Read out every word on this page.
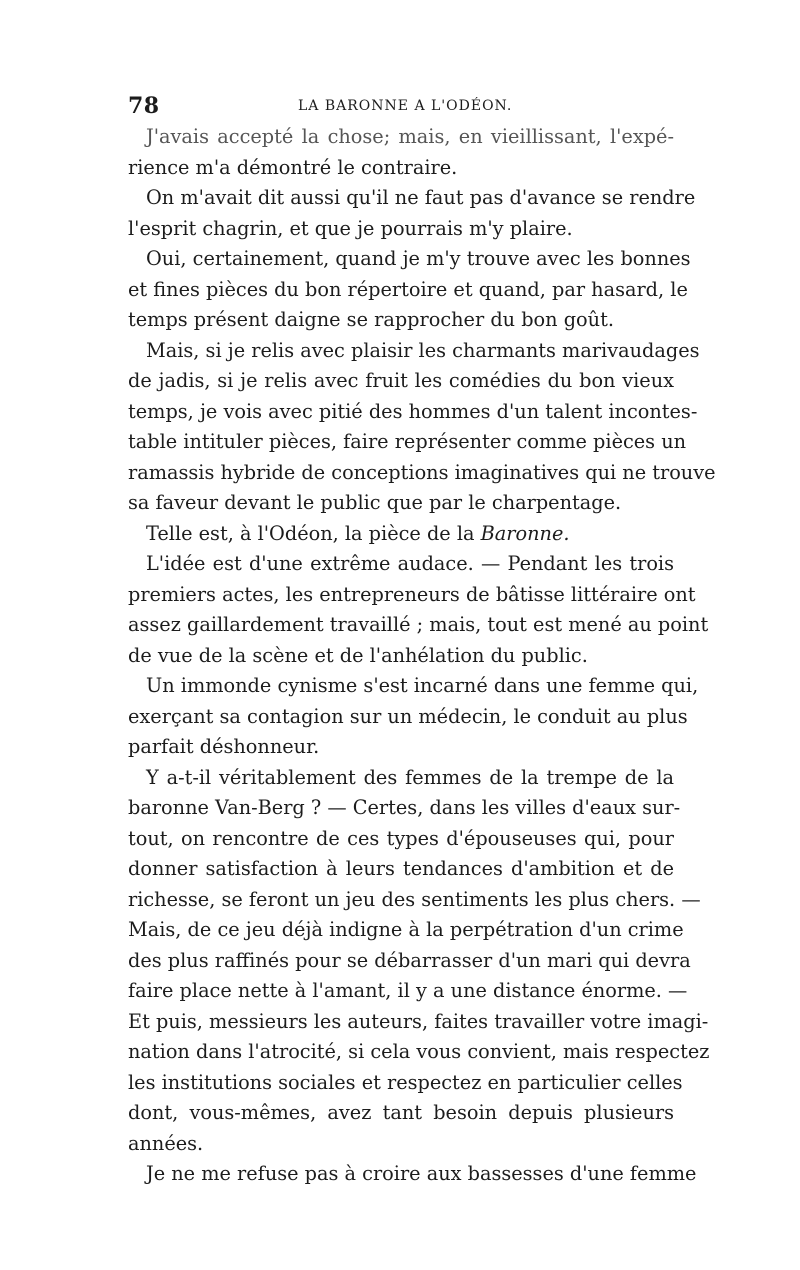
78	LA BARONNE A L'ODÉON.
J'avais accepté la chose; mais, en vieillissant, l'expé-
rience m'a démontré le contraire.
On m'avait dit aussi qu'il ne faut pas d'avance se rendre
l'esprit chagrin, et que je pourrais m'y plaire.
Oui, certainement, quand je m'y trouve avec les bonnes
et fines pièces du bon répertoire et quand, par hasard, le
temps présent daigne se rapprocher du bon goût.
Mais, si je relis avec plaisir les charmants marivaudages
de jadis, si je relis avec fruit les comédies du bon vieux
temps, je vois avec pitié des hommes d'un talent incontes-
table intituler pièces, faire représenter comme pièces un
ramassis hybride de conceptions imaginatives qui ne trouve
sa faveur devant le public que par le charpentage.
Telle est, à l'Odéon, la pièce de la Baronne.
L'idée est d'une extrême audace. — Pendant les trois
premiers actes, les entrepreneurs de bâtisse littéraire ont
assez gaillardement travaillé ; mais, tout est mené au point
de vue de la scène et de l'anhélation du public.
Un immonde cynisme s'est incarné dans une femme qui,
exerçant sa contagion sur un médecin, le conduit au plus
parfait déshonneur.
Y a-t-il véritablement des femmes de la trempe de la
baronne Van-Berg ? — Certes, dans les villes d'eaux sur-
tout, on rencontre de ces types d'épouseuses qui, pour
donner satisfaction à leurs tendances d'ambition et de
richesse, se feront un jeu des sentiments les plus chers. —
Mais, de ce jeu déjà indigne à la perpétration d'un crime
des plus raffinés pour se débarrasser d'un mari qui devra
faire place nette à l'amant, il y a une distance énorme. —
Et puis, messieurs les auteurs, faites travailler votre imagi-
nation dans l'atrocité, si cela vous convient, mais respectez
les institutions sociales et respectez en particulier celles
dont, vous-mêmes, avez tant besoin depuis plusieurs
années.
Je ne me refuse pas à croire aux bassesses d'une femme
